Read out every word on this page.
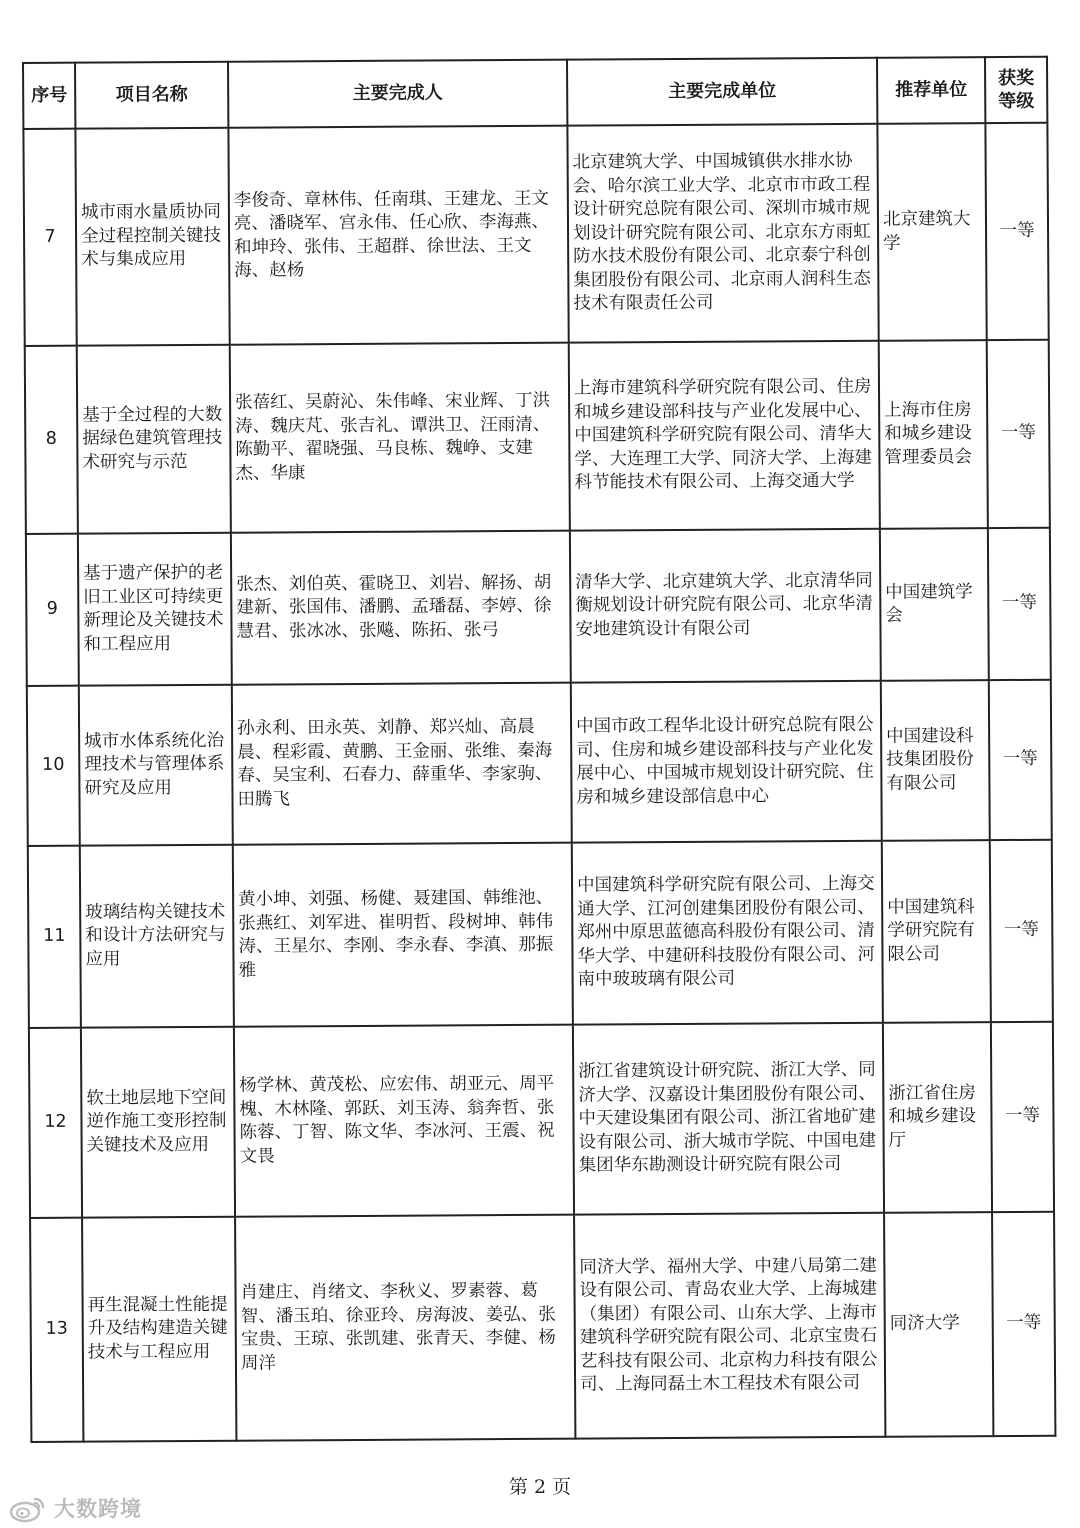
序号	项目名称	主要完成人	主要完成单位	推荐单位	获奖等级
7	城市雨水量质协同全过程控制关键技术与集成应用	李俊奇、章林伟、任南琪、王建龙、王文亮、潘晓军、宫永伟、任心欣、李海燕、和坤玲、张伟、王超群、徐世法、王文海、赵杨	北京建筑大学、中国城镇供水排水协会、哈尔滨工业大学、北京市市政工程设计研究总院有限公司、深圳市城市规划设计研究院有限公司、北京东方雨虹防水技术股份有限公司、北京泰宁科创集团股份有限公司、北京雨人润科生态技术有限责任公司	北京建筑大学	一等
8	基于全过程的大数据绿色建筑管理技术研究与示范	张蓓红、吴蔚沁、朱伟峰、宋业辉、丁洪涛、魏庆芃、张吉礼、谭洪卫、汪雨清、陈勤平、翟晓强、马良栋、魏峥、支建杰、华康	上海市建筑科学研究院有限公司、住房和城乡建设部科技与产业化发展中心、中国建筑科学研究院有限公司、清华大学、大连理工大学、同济大学、上海建科节能技术有限公司、上海交通大学	上海市住房和城乡建设管理委员会	一等
9	基于遗产保护的老旧工业区可持续更新理论及关键技术和工程应用	张杰、刘伯英、霍晓卫、刘岩、解扬、胡建新、张国伟、潘鹏、孟璠磊、李婷、徐慧君、张冰冰、张飚、陈拓、张弓	清华大学、北京建筑大学、北京清华同衡规划设计研究院有限公司、北京华清安地建筑设计有限公司	中国建筑学会	一等
10	城市水体系统化治理技术与管理体系研究及应用	孙永利、田永英、刘静、郑兴灿、高晨晨、程彩霞、黄鹏、王金丽、张维、秦海春、吴宝利、石春力、薛重华、李家驹、田腾飞	中国市政工程华北设计研究总院有限公司、住房和城乡建设部科技与产业化发展中心、中国城市规划设计研究院、住房和城乡建设部信息中心	中国建设科技集团股份有限公司	一等
11	玻璃结构关键技术和设计方法研究与应用	黄小坤、刘强、杨健、聂建国、韩维池、张燕红、刘军进、崔明哲、段树坤、韩伟涛、王星尔、李刚、李永春、李滇、那振雅	中国建筑科学研究院有限公司、上海交通大学、江河创建集团股份有限公司、郑州中原思蓝德高科股份有限公司、清华大学、中建研科技股份有限公司、河南中玻玻璃有限公司	中国建筑科学研究院有限公司	一等
12	软土地层地下空间逆作施工变形控制关键技术及应用	杨学林、黄茂松、应宏伟、胡亚元、周平槐、木林隆、郭跃、刘玉涛、翁奔哲、张陈蓉、丁智、陈文华、李冰河、王震、祝文畏	浙江省建筑设计研究院、浙江大学、同济大学、汉嘉设计集团股份有限公司、中天建设集团有限公司、浙江省地矿建设有限公司、浙大城市学院、中国电建集团华东勘测设计研究院有限公司	浙江省住房和城乡建设厅	一等
13	再生混凝土性能提升及结构建造关键技术与工程应用	肖建庄、肖绪文、李秋义、罗素蓉、葛智、潘玉珀、徐亚玲、房海波、姜弘、张宝贵、王琼、张凯建、张青天、李健、杨周洋	同济大学、福州大学、中建八局第二建设有限公司、青岛农业大学、上海城建（集团）有限公司、山东大学、上海市建筑科学研究院有限公司、北京宝贵石艺科技有限公司、北京构力科技有限公司、上海同磊土木工程技术有限公司	同济大学	一等
第 2 页
大数跨境
